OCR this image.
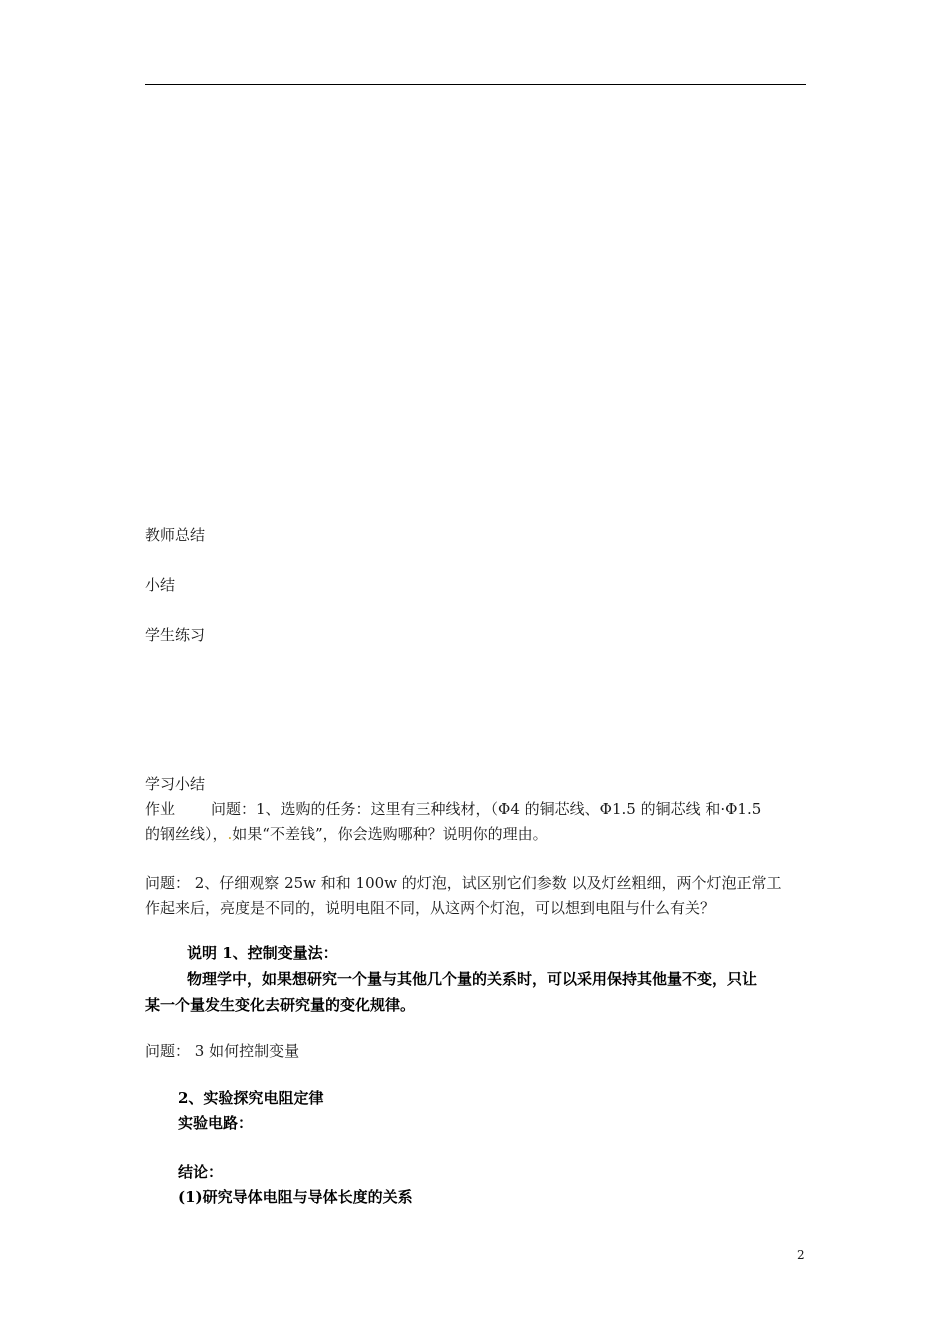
教师总结
小结
学生练习
学习小结
作业 问题：1、选购的任务：这里有三种线材，（Φ4 的铜芯线、Φ1.5 的铜芯线 和·Φ1.5
的钢丝线），.如果“不差钱”，你会选购哪种？说明你的理由。
问题： 2、仔细观察 25w 和和 100w 的灯泡，试区别它们参数 以及灯丝粗细，两个灯泡正常工
作起来后，亮度是不同的，说明电阻不同，从这两个灯泡，可以想到电阻与什么有关？
说明 1、控制变量法：
物理学中，如果想研究一个量与其他几个量的关系时，可以采用保持其他量不变，只让
某一个量发生变化去研究量的变化规律。
问题： 3 如何控制变量
2、实验探究电阻定律
实验电路：
结论：
(1)研究导体电阻与导体长度的关系
2
